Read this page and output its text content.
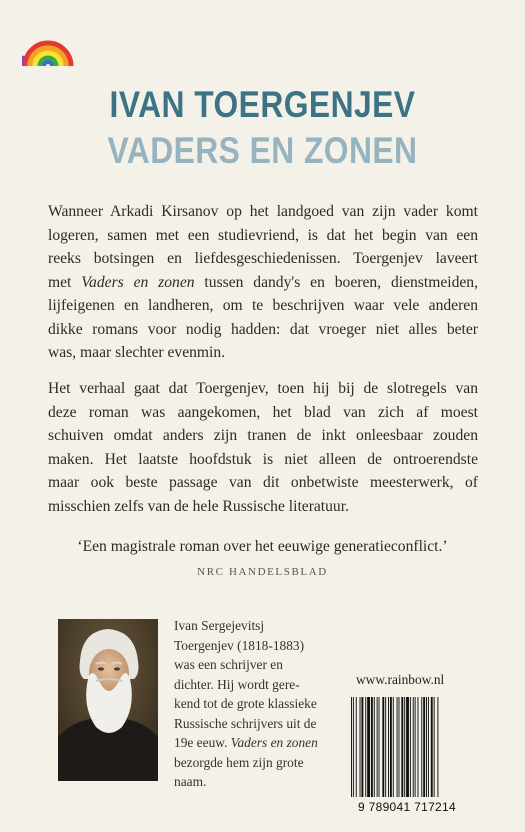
IVAN TOERGENJEV
VADERS EN ZONEN
Wanneer Arkadi Kirsanov op het landgoed van zijn vader komt
logeren, samen met een studievriend, is dat het begin van een
reeks botsingen en liefdesgeschiedenissen. Toergenjev laveert
met Vaders en zonen tussen dandy's en boeren, dienstmeiden,
lijfeigenen en landheren, om te beschrijven waar vele anderen
dikke romans voor nodig hadden: dat vroeger niet alles beter
was, maar slechter evenmin.
Het verhaal gaat dat Toergenjev, toen hij bij de slotregels van
deze roman was aangekomen, het blad van zich af moest
schuiven omdat anders zijn tranen de inkt onleesbaar zouden
maken. Het laatste hoofdstuk is niet alleen de ontroerendste
maar ook beste passage van dit onbetwiste meesterwerk, of
misschien zelfs van de hele Russische literatuur.
‘Een magistrale roman over het eeuwige generatieconflict.’
NRC HANDELSBLAD
Ivan Sergejevitsj
Toergenjev (1818-1883)
was een schrijver en
dichter. Hij wordt gere-
kend tot de grote klassieke
Russische schrijvers uit de
19e eeuw. Vaders en zonen
bezorgde hem zijn grote
naam.
www.rainbow.nl
9 789041 717214
